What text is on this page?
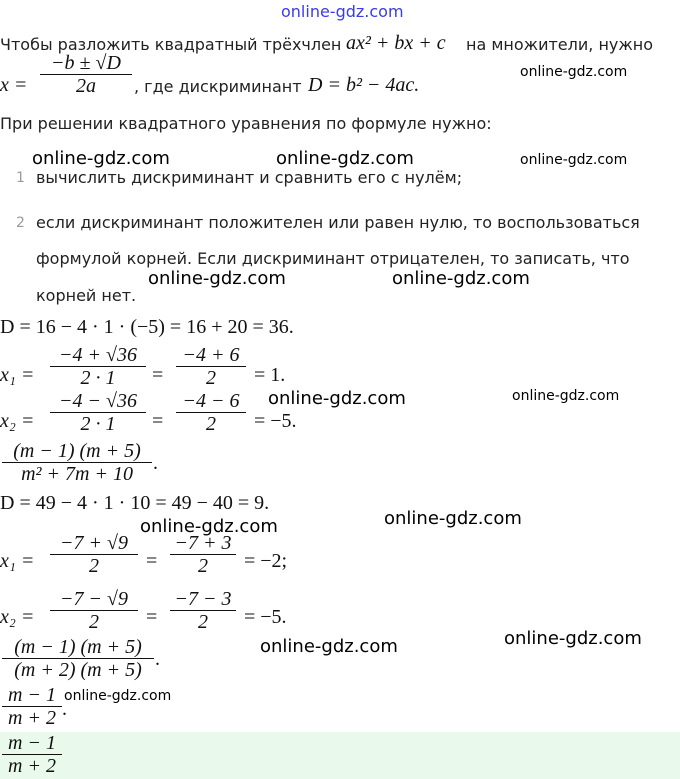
online-gdz.com
Чтобы разложить квадратный трёхчлен ax² + bx + c на множители, нужно
x =
−b ± √D
2a , где дискриминант D = b² − 4ac.
online-gdz.com
При решении квадратного уравнения по формуле нужно:
online-gdz.com	online-gdz.com	online-gdz.com
1 вычислить дискриминант и сравнить его с нулём;
2 если дискриминант положителен или равен нулю, то воспользоваться
формулой корней. Если дискриминант отрицателен, то записать, что
корней нет.
online-gdz.com	online-gdz.com
D = 16 − 4 · 1 · (−5) = 16 + 20 = 36.
x₁ =
−4 + √36
2 · 1 =
−4 + 6
2 = 1.
online-gdz.com	online-gdz.com
x₂ =
−4 − √36
2 · 1 =
−4 − 6
2 = −5.
(m − 1) (m + 5)
m² + 7m + 10 .
D = 49 − 4 · 1 · 10 = 49 − 40 = 9.
online-gdz.com	online-gdz.com
x₁ =
−7 + √9
2 =
−7 + 3
2 = −2;
x₂ =
−7 − √9
2 =
−7 − 3
2 = −5.
online-gdz.com	online-gdz.com
(m − 1) (m + 5)
(m + 2) (m + 5) .
m − 1
m + 2 .
online-gdz.com
m − 1
m + 2
